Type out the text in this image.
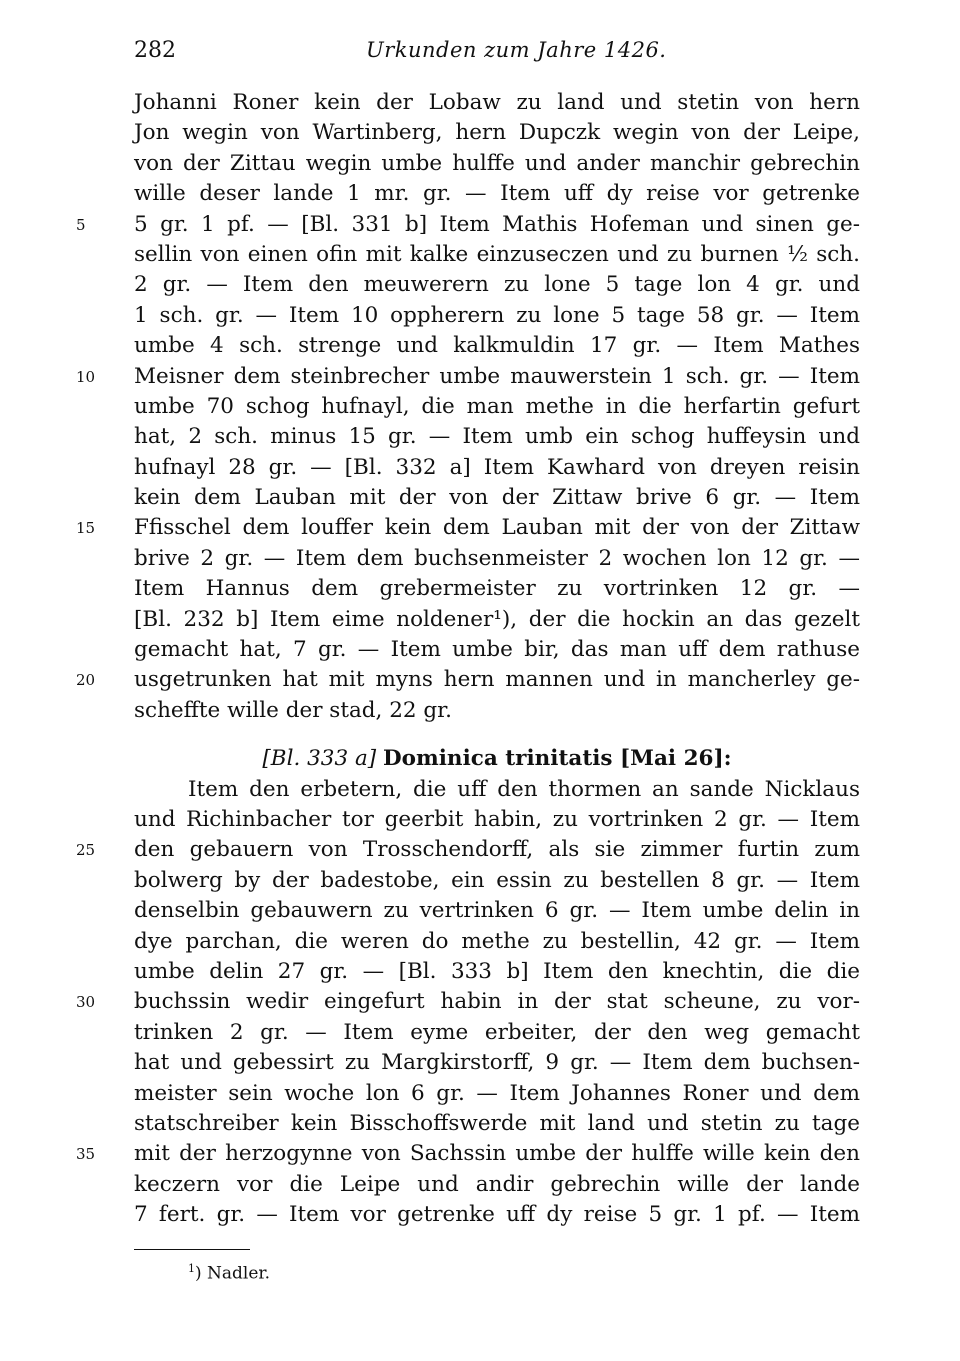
282	Urkunden zum Jahre 1426.
Johanni Roner kein der Lobaw zu land und stetin von hern
Jon wegin von Wartinberg, hern Dupczk wegin von der Leipe,
von der Zittau wegin umbe hulffe und ander manchir gebrechin
wille deser lande 1 mr. gr. — Item uff dy reise vor getrenke
5	5 gr. 1 pf. — [Bl. 331 b] Item Mathis Hofeman und sinen ge-
sellin von einen ofin mit kalke einzuseczen und zu burnen ½ sch.
2 gr. — Item den meuwerern zu lone 5 tage lon 4 gr. und
1 sch. gr. — Item 10 oppherern zu lone 5 tage 58 gr. — Item
umbe 4 sch. strenge und kalkmuldin 17 gr. — Item Mathes
10	Meisner dem steinbrecher umbe mauwerstein 1 sch. gr. — Item
umbe 70 schog hufnayl, die man methe in die herfartin gefurt
hat, 2 sch. minus 15 gr. — Item umb ein schog huffeysin und
hufnayl 28 gr. — [Bl. 332 a] Item Kawhard von dreyen reisin
kein dem Lauban mit der von der Zittaw brive 6 gr. — Item
15	Ffisschel dem louffer kein dem Lauban mit der von der Zittaw
brive 2 gr. — Item dem buchsenmeister 2 wochen lon 12 gr. —
Item Hannus dem grebermeister zu vortrinken 12 gr. —
[Bl. 232 b] Item eime noldener¹), der die hockin an das gezelt
gemacht hat, 7 gr. — Item umbe bir, das man uff dem rathuse
20	usgetrunken hat mit myns hern mannen und in mancherley ge-
scheffte wille der stad, 22 gr.
[Bl. 333 a] Dominica trinitatis [Mai 26]:
Item den erbetern, die uff den thormen an sande Nicklaus
und Richinbacher tor geerbit habin, zu vortrinken 2 gr. — Item
25	den gebauern von Trosschendorff, als sie zimmer furtin zum
bolwerg by der badestobe, ein essin zu bestellen 8 gr. — Item
denselbin gebauwern zu vertrinken 6 gr. — Item umbe delin in
dye parchan, die weren do methe zu bestellin, 42 gr. — Item
umbe delin 27 gr. — [Bl. 333 b] Item den knechtin, die die
30	buchssin wedir eingefurt habin in der stat scheune, zu vor-
trinken 2 gr. — Item eyme erbeiter, der den weg gemacht
hat und gebessirt zu Margkirstorff, 9 gr. — Item dem buchsen-
meister sein woche lon 6 gr. — Item Johannes Roner und dem
statschreiber kein Bisschoffswerde mit land und stetin zu tage
35	mit der herzogynne von Sachssin umbe der hulffe wille kein den
keczern vor die Leipe und andir gebrechin wille der lande
7 fert. gr. — Item vor getrenke uff dy reise 5 gr. 1 pf. — Item
$^1$) Nadler.
